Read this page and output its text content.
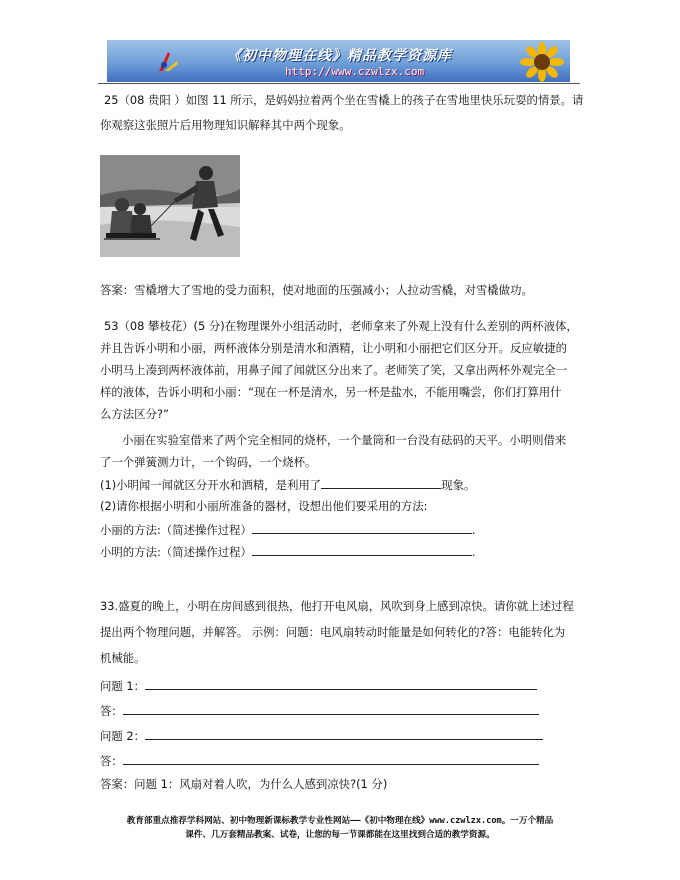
《初中物理在线》精品教学资源库
http://www.czwlzx.com
25（08 贵阳 ）如图 11 所示，是妈妈拉着两个坐在雪橇上的孩子在雪地里快乐玩耍的情景。请
你观察这张照片后用物理知识解释其中两个现象。
答案：雪橇增大了雪地的受力面积，使对地面的压强减小；人拉动雪橇，对雪橇做功。
53（08 攀枝花）(5 分)在物理课外小组活动时，老师拿来了外观上没有什么差别的两杯液体，
并且告诉小明和小丽，两杯液体分别是清水和酒精，让小明和小丽把它们区分开。反应敏捷的
小明马上凑到两杯液体前，用鼻子闻了闻就区分出来了。老师笑了笑，又拿出两杯外观完全一
样的液体，告诉小明和小丽：“现在一杯是清水，另一杯是盐水，不能用嘴尝，你们打算用什
么方法区分?”
小丽在实验室借来了两个完全相同的烧杯，一个量筒和一台没有砝码的天平。小明则借来
了一个弹簧测力计，一个钩码，一个烧杯。
(1)小明闻一闻就区分开水和酒精，是利用了	现象。
(2)请你根据小明和小丽所准备的器材，设想出他们要采用的方法:
小丽的方法:（简述操作过程）	.
小明的方法:（简述操作过程）	.
33.盛夏的晚上，小明在房间感到很热，他打开电风扇，风吹到身上感到凉快。请你就上述过程
提出两个物理问题，并解答。 示例：问题：电风扇转动时能量是如何转化的?答：电能转化为
机械能。
问题 1：
答：
问题 2：
答：
答案：问题 1：风扇对着人吹，为什么人感到凉快?(1 分)
教育部重点推荐学科网站、初中物理新课标教学专业性网站——《初中物理在线》www.czwlzx.com。一万个精品
课件、几万套精品教案、试卷，让您的每一节课都能在这里找到合适的教学资源。
